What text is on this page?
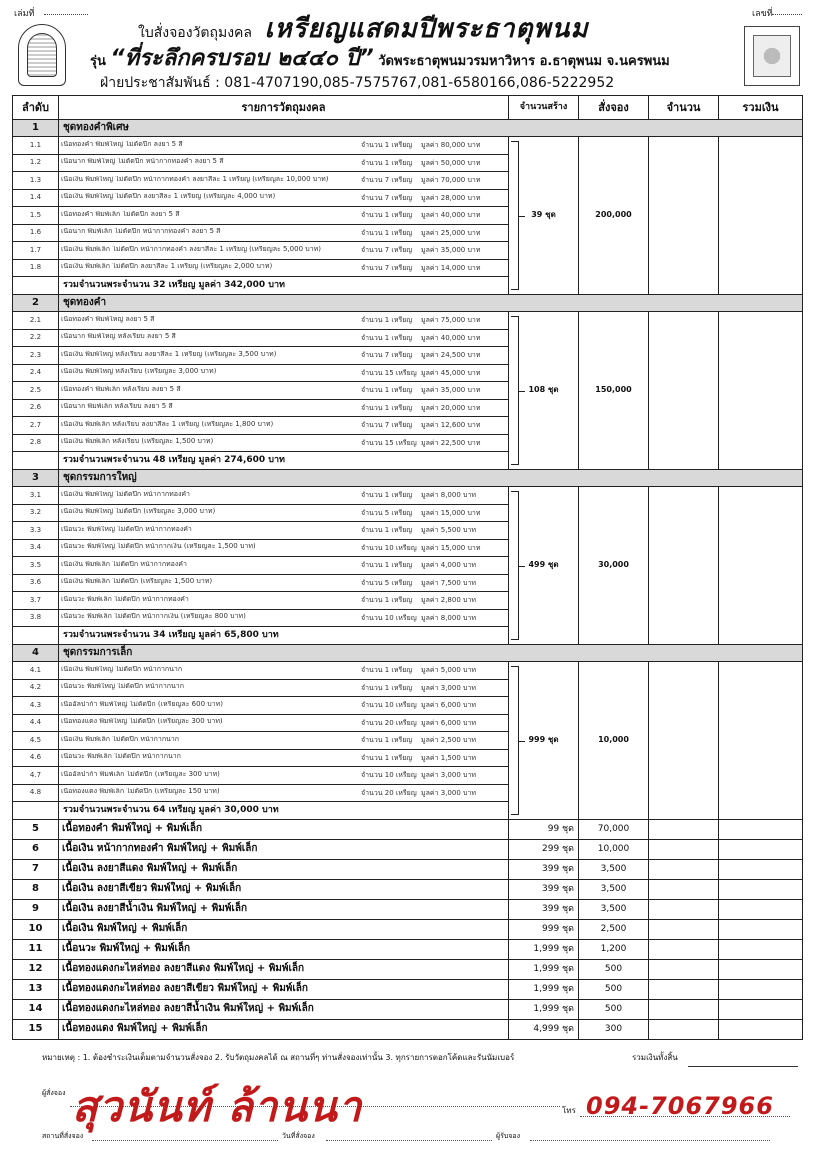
เล่มที่	เลขที่
ใบสั่งจองวัตถุมงคล เหรียญแสดมปีพระธาตุพนม
รุ่น “ที่ระลึกครบรอบ ๒๔๔๐ ปี” วัดพระธาตุพนมวรมหาวิหาร อ.ธาตุพนม จ.นครพนม
ฝ่ายประชาสัมพันธ์ : 081-4707190,085-7575767,081-6580166,086-5222952
ลำดับ	รายการวัตถุมงคล	จำนวนสร้าง	สั่งจอง	จำนวน	รวมเงิน
1	ชุดทองคำพิเศษ				
1.1	เนื้อทองคำ พิมพ์ใหญ่ ไม่ตัดปีก ลงยา 5 สี จำนวน 1 เหรียญ มูลค่า 80,000 บาท	39 ชุด	200,000		
1.2	เนื้อนาก พิมพ์ใหญ่ ไม่ตัดปีก หน้ากากทองคำ ลงยา 5 สี จำนวน 1 เหรียญ มูลค่า 50,000 บาท				
1.3	เนื้อเงิน พิมพ์ใหญ่ ไม่ตัดปีก หน้ากากทองคำ ลงยาสีละ 1 เหรียญ (เหรียญละ 10,000 บาท) จำนวน 7 เหรียญ มูลค่า 70,000 บาท				
1.4	เนื้อเงิน พิมพ์ใหญ่ ไม่ตัดปีก ลงยาสีละ 1 เหรียญ (เหรียญละ 4,000 บาท) จำนวน 7 เหรียญ มูลค่า 28,000 บาท				
1.5	เนื้อทองคำ พิมพ์เล็ก ไม่ตัดปีก ลงยา 5 สี จำนวน 1 เหรียญ มูลค่า 40,000 บาท				
1.6	เนื้อนาก พิมพ์เล็ก ไม่ตัดปีก หน้ากากทองคำ ลงยา 5 สี จำนวน 1 เหรียญ มูลค่า 25,000 บาท				
1.7	เนื้อเงิน พิมพ์เล็ก ไม่ตัดปีก หน้ากากทองคำ ลงยาสีละ 1 เหรียญ (เหรียญละ 5,000 บาท) จำนวน 7 เหรียญ มูลค่า 35,000 บาท				
1.8	เนื้อเงิน พิมพ์เล็ก ไม่ตัดปีก ลงยาสีละ 1 เหรียญ (เหรียญละ 2,000 บาท) จำนวน 7 เหรียญ มูลค่า 14,000 บาท				
	รวมจำนวนพระจำนวน 32 เหรียญ มูลค่า 342,000 บาท				
2	ชุดทองคำ				
2.1	เนื้อทองคำ พิมพ์ใหญ่ ลงยา 5 สี จำนวน 1 เหรียญ มูลค่า 75,000 บาท	108 ชุด	150,000		
2.2	เนื้อนาก พิมพ์ใหญ่ หลังเรียบ ลงยา 5 สี จำนวน 1 เหรียญ มูลค่า 40,000 บาท				
2.3	เนื้อเงิน พิมพ์ใหญ่ หลังเรียบ ลงยาสีละ 1 เหรียญ (เหรียญละ 3,500 บาท) จำนวน 7 เหรียญ มูลค่า 24,500 บาท				
2.4	เนื้อเงิน พิมพ์ใหญ่ หลังเรียบ (เหรียญละ 3,000 บาท) จำนวน 15 เหรียญ มูลค่า 45,000 บาท				
2.5	เนื้อทองคำ พิมพ์เล็ก หลังเรียบ ลงยา 5 สี จำนวน 1 เหรียญ มูลค่า 35,000 บาท				
2.6	เนื้อนาก พิมพ์เล็ก หลังเรียบ ลงยา 5 สี จำนวน 1 เหรียญ มูลค่า 20,000 บาท				
2.7	เนื้อเงิน พิมพ์เล็ก หลังเรียบ ลงยาสีละ 1 เหรียญ (เหรียญละ 1,800 บาท) จำนวน 7 เหรียญ มูลค่า 12,600 บาท				
2.8	เนื้อเงิน พิมพ์เล็ก หลังเรียบ (เหรียญละ 1,500 บาท) จำนวน 15 เหรียญ มูลค่า 22,500 บาท				
	รวมจำนวนพระจำนวน 48 เหรียญ มูลค่า 274,600 บาท				
3	ชุดกรรมการใหญ่				
3.1	เนื้อเงิน พิมพ์ใหญ่ ไม่ตัดปีก หน้ากากทองคำ จำนวน 1 เหรียญ มูลค่า 8,000 บาท	499 ชุด	30,000		
3.2	เนื้อเงิน พิมพ์ใหญ่ ไม่ตัดปีก (เหรียญละ 3,000 บาท) จำนวน 5 เหรียญ มูลค่า 15,000 บาท				
3.3	เนื้อนวะ พิมพ์ใหญ่ ไม่ตัดปีก หน้ากากทองคำ จำนวน 1 เหรียญ มูลค่า 5,500 บาท				
3.4	เนื้อนวะ พิมพ์ใหญ่ ไม่ตัดปีก หน้ากากเงิน (เหรียญละ 1,500 บาท) จำนวน 10 เหรียญ มูลค่า 15,000 บาท				
3.5	เนื้อเงิน พิมพ์เล็ก ไม่ตัดปีก หน้ากากทองคำ จำนวน 1 เหรียญ มูลค่า 4,000 บาท				
3.6	เนื้อเงิน พิมพ์เล็ก ไม่ตัดปีก (เหรียญละ 1,500 บาท) จำนวน 5 เหรียญ มูลค่า 7,500 บาท				
3.7	เนื้อนวะ พิมพ์เล็ก ไม่ตัดปีก หน้ากากทองคำ จำนวน 1 เหรียญ มูลค่า 2,800 บาท				
3.8	เนื้อนวะ พิมพ์เล็ก ไม่ตัดปีก หน้ากากเงิน (เหรียญละ 800 บาท) จำนวน 10 เหรียญ มูลค่า 8,000 บาท				
	รวมจำนวนพระจำนวน 34 เหรียญ มูลค่า 65,800 บาท				
4	ชุดกรรมการเล็ก				
4.1	เนื้อเงิน พิมพ์ใหญ่ ไม่ตัดปีก หน้ากากนาก จำนวน 1 เหรียญ มูลค่า 5,000 บาท	999 ชุด	10,000		
4.2	เนื้อนวะ พิมพ์ใหญ่ ไม่ตัดปีก หน้ากากนาก จำนวน 1 เหรียญ มูลค่า 3,000 บาท				
4.3	เนื้ออัลปาก้า พิมพ์ใหญ่ ไม่ตัดปีก (เหรียญละ 600 บาท) จำนวน 10 เหรียญ มูลค่า 6,000 บาท				
4.4	เนื้อทองแดง พิมพ์ใหญ่ ไม่ตัดปีก (เหรียญละ 300 บาท) จำนวน 20 เหรียญ มูลค่า 6,000 บาท				
4.5	เนื้อเงิน พิมพ์เล็ก ไม่ตัดปีก หน้ากากนาก จำนวน 1 เหรียญ มูลค่า 2,500 บาท				
4.6	เนื้อนวะ พิมพ์เล็ก ไม่ตัดปีก หน้ากากนาก จำนวน 1 เหรียญ มูลค่า 1,500 บาท				
4.7	เนื้ออัลปาก้า พิมพ์เล็ก ไม่ตัดปีก (เหรียญละ 300 บาท) จำนวน 10 เหรียญ มูลค่า 3,000 บาท				
4.8	เนื้อทองแดง พิมพ์เล็ก ไม่ตัดปีก (เหรียญละ 150 บาท) จำนวน 20 เหรียญ มูลค่า 3,000 บาท				
	รวมจำนวนพระจำนวน 64 เหรียญ มูลค่า 30,000 บาท				
5	เนื้อทองคำ พิมพ์ใหญ่ + พิมพ์เล็ก	99 ชุด	70,000		
6	เนื้อเงิน หน้ากากทองคำ พิมพ์ใหญ่ + พิมพ์เล็ก	299 ชุด	10,000		
7	เนื้อเงิน ลงยาสีแดง พิมพ์ใหญ่ + พิมพ์เล็ก	399 ชุด	3,500		
8	เนื้อเงิน ลงยาสีเขียว พิมพ์ใหญ่ + พิมพ์เล็ก	399 ชุด	3,500		
9	เนื้อเงิน ลงยาสีน้ำเงิน พิมพ์ใหญ่ + พิมพ์เล็ก	399 ชุด	3,500		
10	เนื้อเงิน พิมพ์ใหญ่ + พิมพ์เล็ก	999 ชุด	2,500		
11	เนื้อนวะ พิมพ์ใหญ่ + พิมพ์เล็ก	1,999 ชุด	1,200		
12	เนื้อทองแดงกะไหล่ทอง ลงยาสีแดง พิมพ์ใหญ่ + พิมพ์เล็ก	1,999 ชุด	500		
13	เนื้อทองแดงกะไหล่ทอง ลงยาสีเขียว พิมพ์ใหญ่ + พิมพ์เล็ก	1,999 ชุด	500		
14	เนื้อทองแดงกะไหล่ทอง ลงยาสีน้ำเงิน พิมพ์ใหญ่ + พิมพ์เล็ก	1,999 ชุด	500		
15	เนื้อทองแดง พิมพ์ใหญ่ + พิมพ์เล็ก	4,999 ชุด	300		
หมายเหตุ : 1. ต้องชำระเงินเต็มตามจำนวนสั่งจอง 2. รับวัตถุมงคลได้ ณ สถานที่ๆ ท่านสั่งจองเท่านั้น 3. ทุกรายการตอกโค้ดและรันนัมเบอร์	รวมเงินทั้งสิ้น
ผู้สั่งจอง สุวนันท์ ล้านนา	โทร 094-7067966
สถานที่สั่งจอง	วันที่สั่งจอง	ผู้รับจอง
